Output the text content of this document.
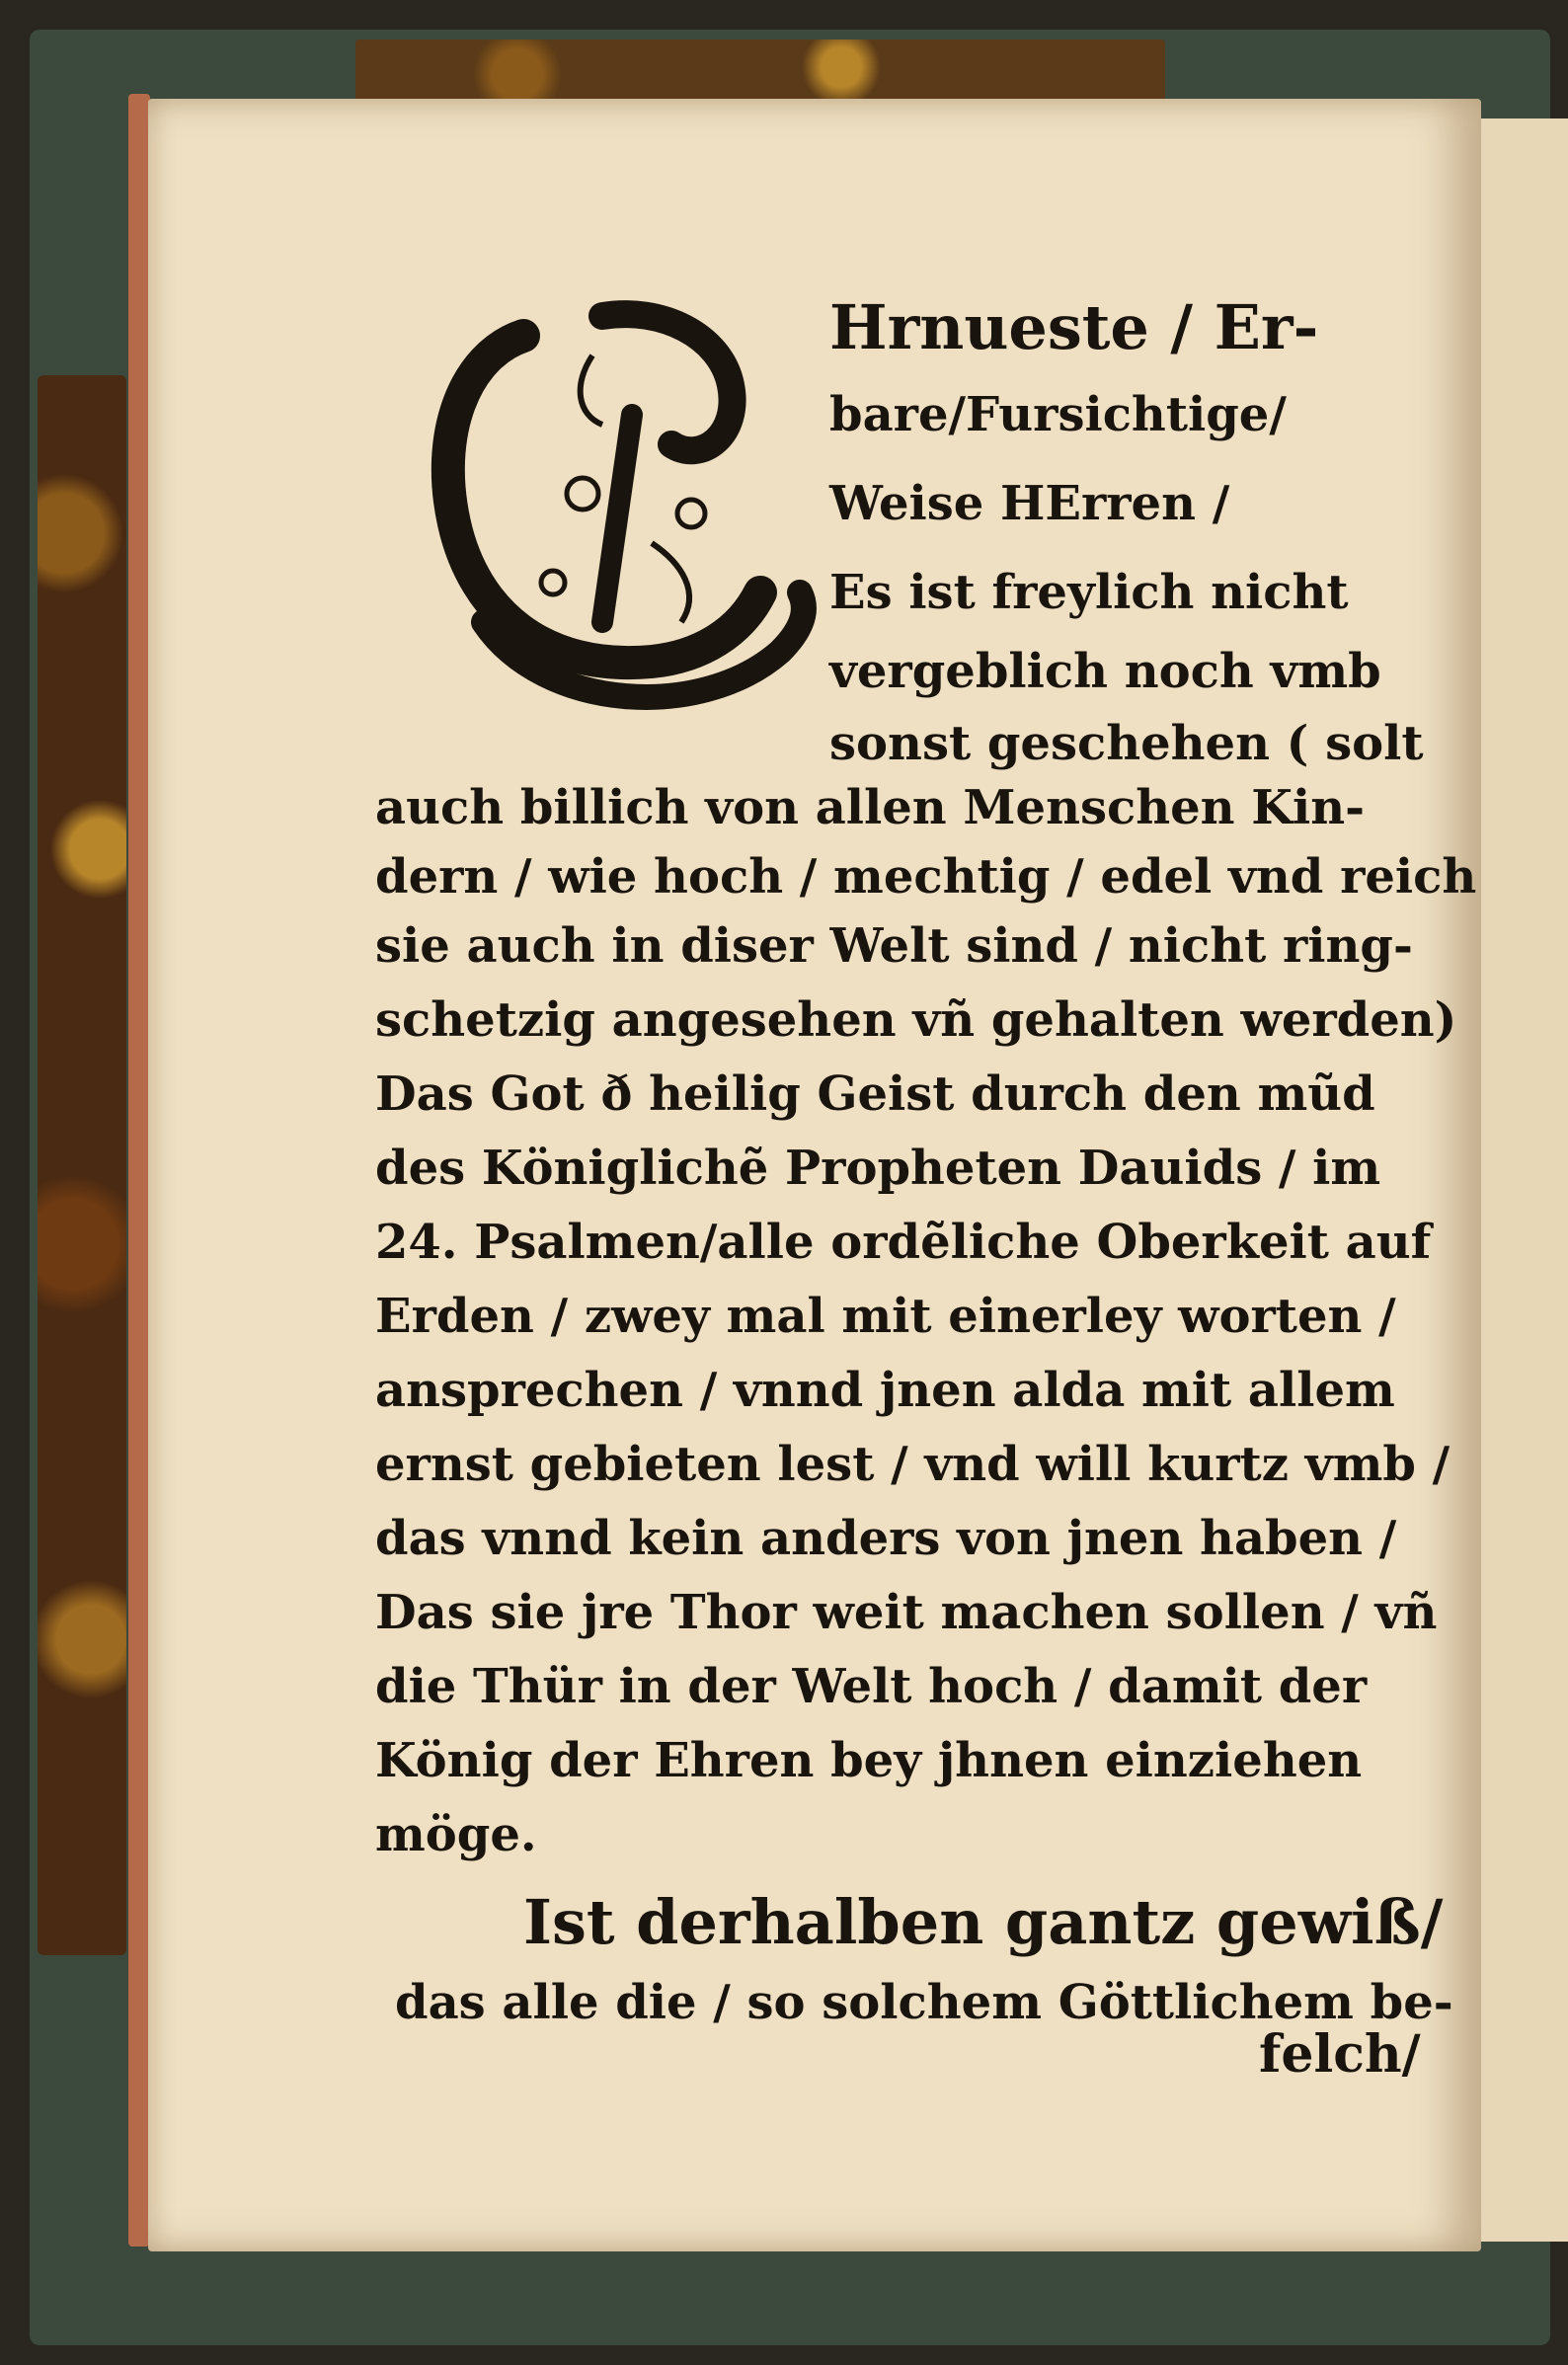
E
Hrnueste / Er-
bare/Fursichtige/
Weise HErren /
Es ist freylich nicht
vergeblich noch vmb
sonst geschehen ( solt
auch billich von allen Menschen Kin-
dern / wie hoch / mechtig / edel vnd reich
sie auch in diser Welt sind / nicht ring-
schetzig angesehen vñ gehalten werden)
Das Got ð heilig Geist durch den mũd
des Königlichẽ Propheten Dauids / im
24. Psalmen/alle ordẽliche Oberkeit auf
Erden / zwey mal mit einerley worten /
ansprechen / vnnd jnen alda mit allem
ernst gebieten lest / vnd will kurtz vmb /
das vnnd kein anders von jnen haben /
Das sie jre Thor weit machen sollen / vñ
die Thür in der Welt hoch / damit der
König der Ehren bey jhnen einziehen
möge.
Ist derhalben gantz gewiß/
das alle die / so solchem Göttlichem be-
felch/
